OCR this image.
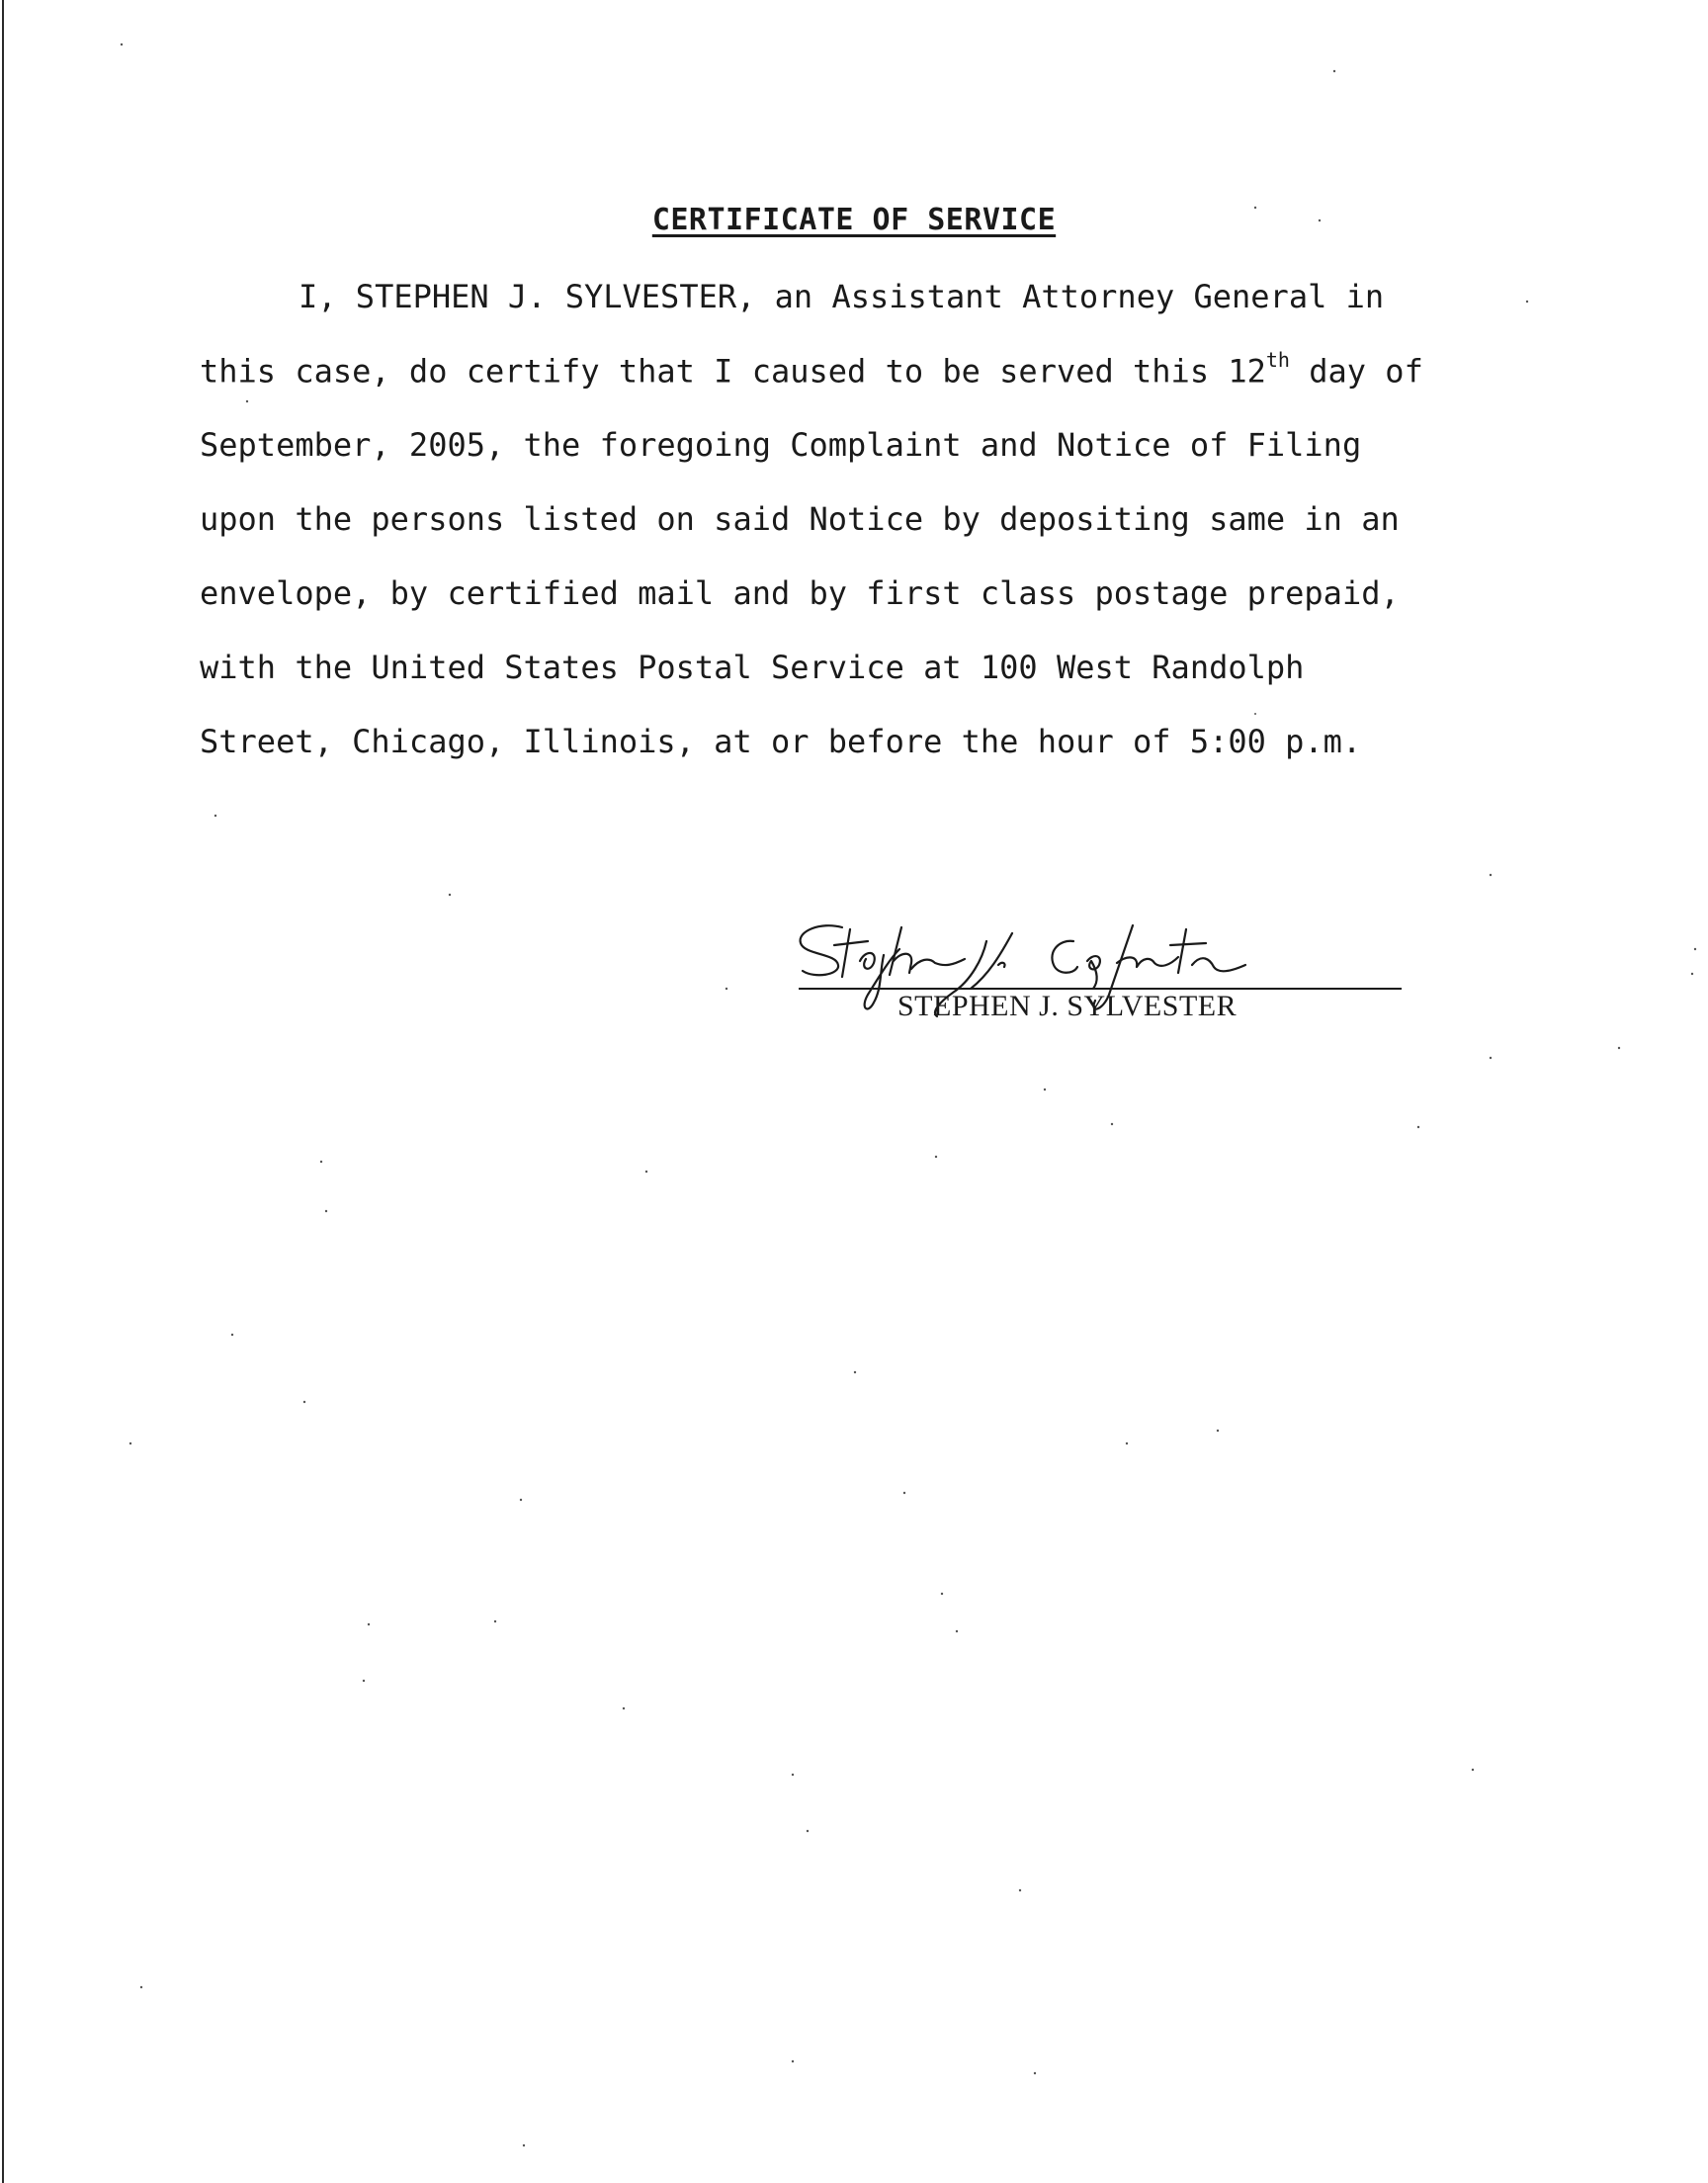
CERTIFICATE OF SERVICE
I, STEPHEN J. SYLVESTER, an Assistant Attorney General in
this case, do certify that I caused to be served this 12th day of
September, 2005, the foregoing Complaint and Notice of Filing
upon the persons listed on said Notice by depositing same in an
envelope, by certified mail and by first class postage prepaid,
with the United States Postal Service at 100 West Randolph
Street, Chicago, Illinois, at or before the hour of 5:00 p.m.
STEPHEN J. SYLVESTER
